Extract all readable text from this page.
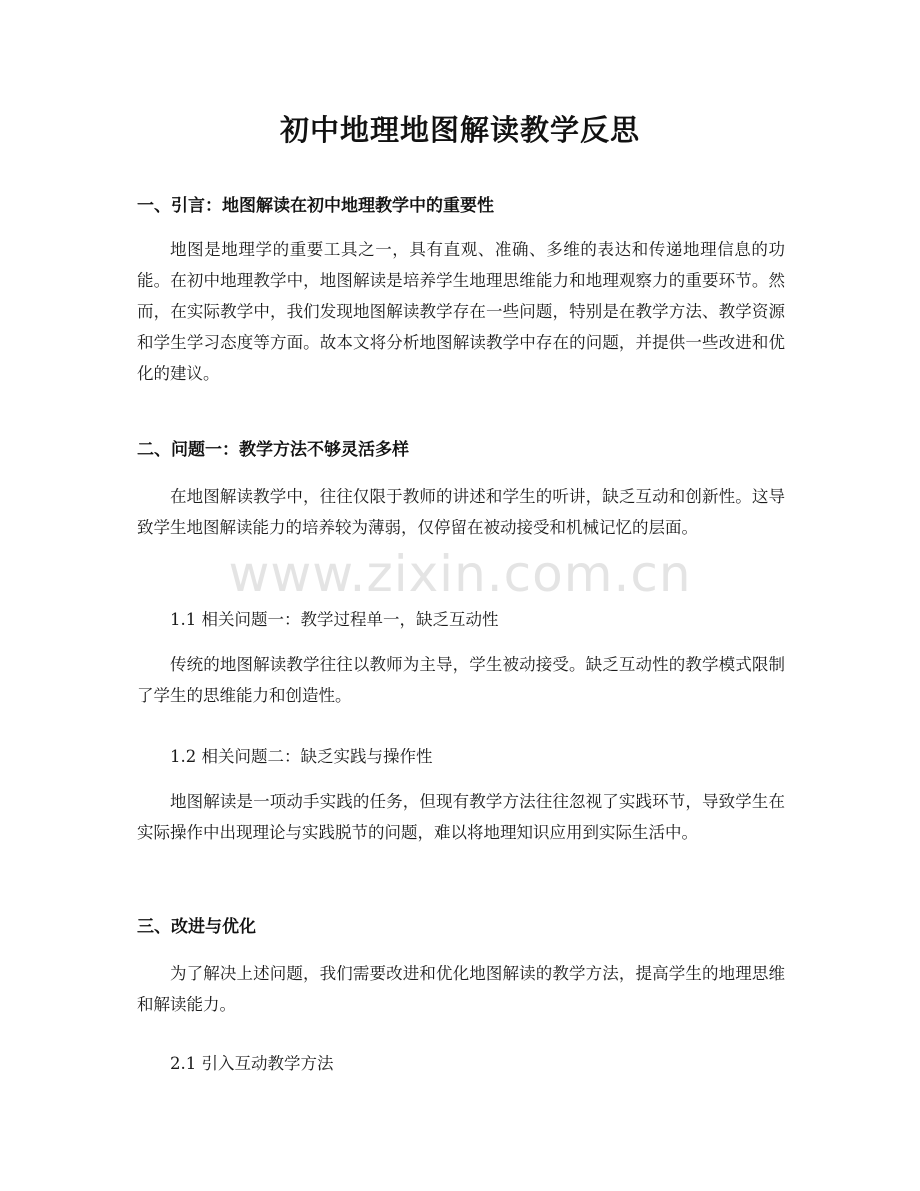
www.zixin.com.cn
初中地理地图解读教学反思
一、引言：地图解读在初中地理教学中的重要性

地图是地理学的重要工具之一，具有直观、准确、多维的表达和传递地理信息的功能。在初中地理教学中，地图解读是培养学生地理思维能力和地理观察力的重要环节。然而，在实际教学中，我们发现地图解读教学存在一些问题，特别是在教学方法、教学资源和学生学习态度等方面。故本文将分析地图解读教学中存在的问题，并提供一些改进和优化的建议。

二、问题一：教学方法不够灵活多样

在地图解读教学中，往往仅限于教师的讲述和学生的听讲，缺乏互动和创新性。这导致学生地图解读能力的培养较为薄弱，仅停留在被动接受和机械记忆的层面。

1.1 相关问题一：教学过程单一，缺乏互动性

传统的地图解读教学往往以教师为主导，学生被动接受。缺乏互动性的教学模式限制了学生的思维能力和创造性。

1.2 相关问题二：缺乏实践与操作性

地图解读是一项动手实践的任务，但现有教学方法往往忽视了实践环节，导致学生在实际操作中出现理论与实践脱节的问题，难以将地理知识应用到实际生活中。

三、改进与优化

为了解决上述问题，我们需要改进和优化地图解读的教学方法，提高学生的地理思维和解读能力。

2.1 引入互动教学方法
